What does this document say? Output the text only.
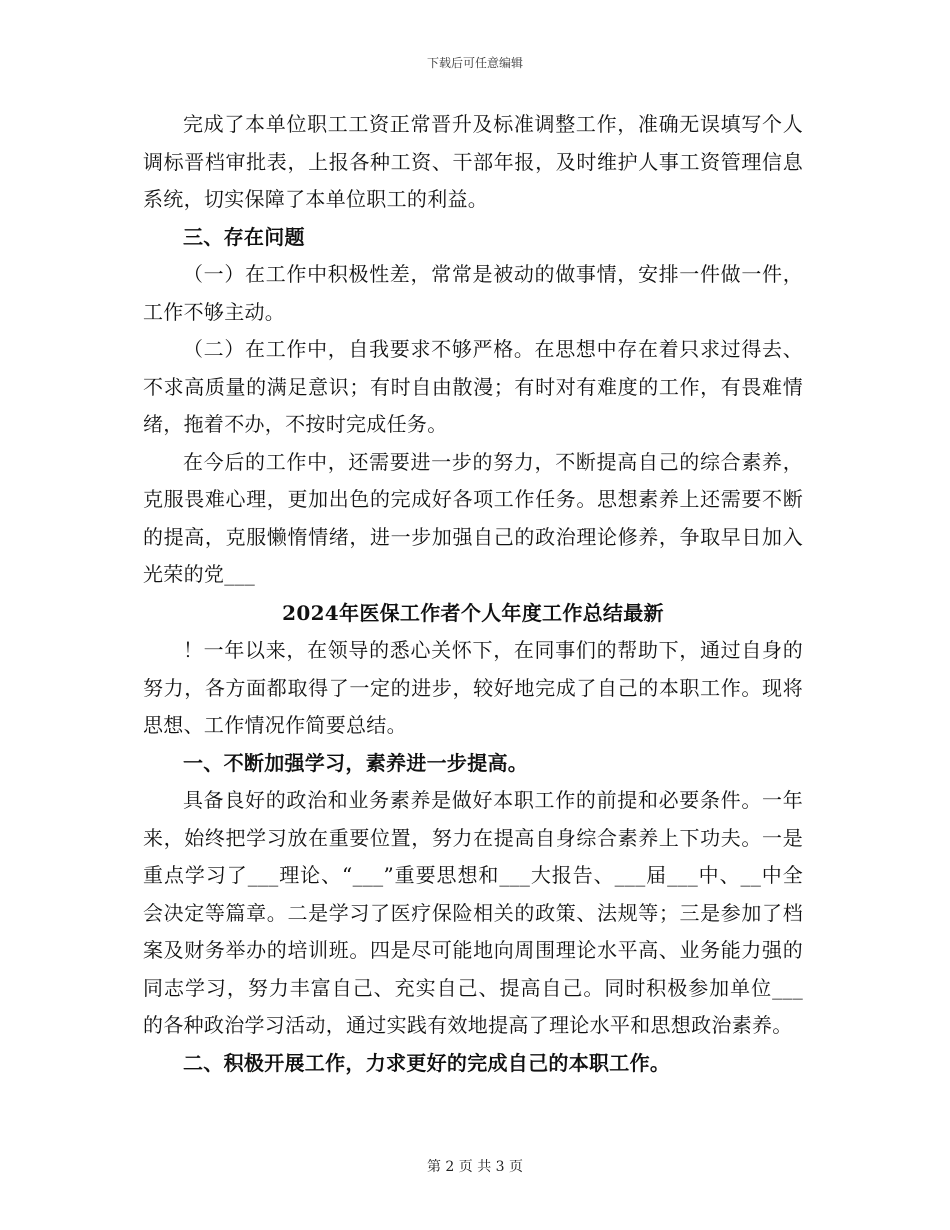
下载后可任意编辑

完成了本单位职工工资正常晋升及标准调整工作，准确无误填写个人调标晋档审批表，上报各种工资、干部年报，及时维护人事工资管理信息系统，切实保障了本单位职工的利益。

三、存在问题

（一）在工作中积极性差，常常是被动的做事情，安排一件做一件，工作不够主动。

（二）在工作中，自我要求不够严格。在思想中存在着只求过得去、不求高质量的满足意识；有时自由散漫；有时对有难度的工作，有畏难情绪，拖着不办，不按时完成任务。

在今后的工作中，还需要进一步的努力，不断提高自己的综合素养，克服畏难心理，更加出色的完成好各项工作任务。思想素养上还需要不断的提高，克服懒惰情绪，进一步加强自己的政治理论修养，争取早日加入光荣的党___

2024年医保工作者个人年度工作总结最新

！一年以来，在领导的悉心关怀下，在同事们的帮助下，通过自身的努力，各方面都取得了一定的进步，较好地完成了自己的本职工作。现将思想、工作情况作简要总结。

一、不断加强学习，素养进一步提高。

具备良好的政治和业务素养是做好本职工作的前提和必要条件。一年来，始终把学习放在重要位置，努力在提高自身综合素养上下功夫。一是重点学习了___理论、“___”重要思想和___大报告、___届___中、__中全会决定等篇章。二是学习了医疗保险相关的政策、法规等；三是参加了档案及财务举办的培训班。四是尽可能地向周围理论水平高、业务能力强的同志学习，努力丰富自己、充实自己、提高自己。同时积极参加单位___的各种政治学习活动，通过实践有效地提高了理论水平和思想政治素养。

二、积极开展工作，力求更好的完成自己的本职工作。

第 2 页 共 3 页
